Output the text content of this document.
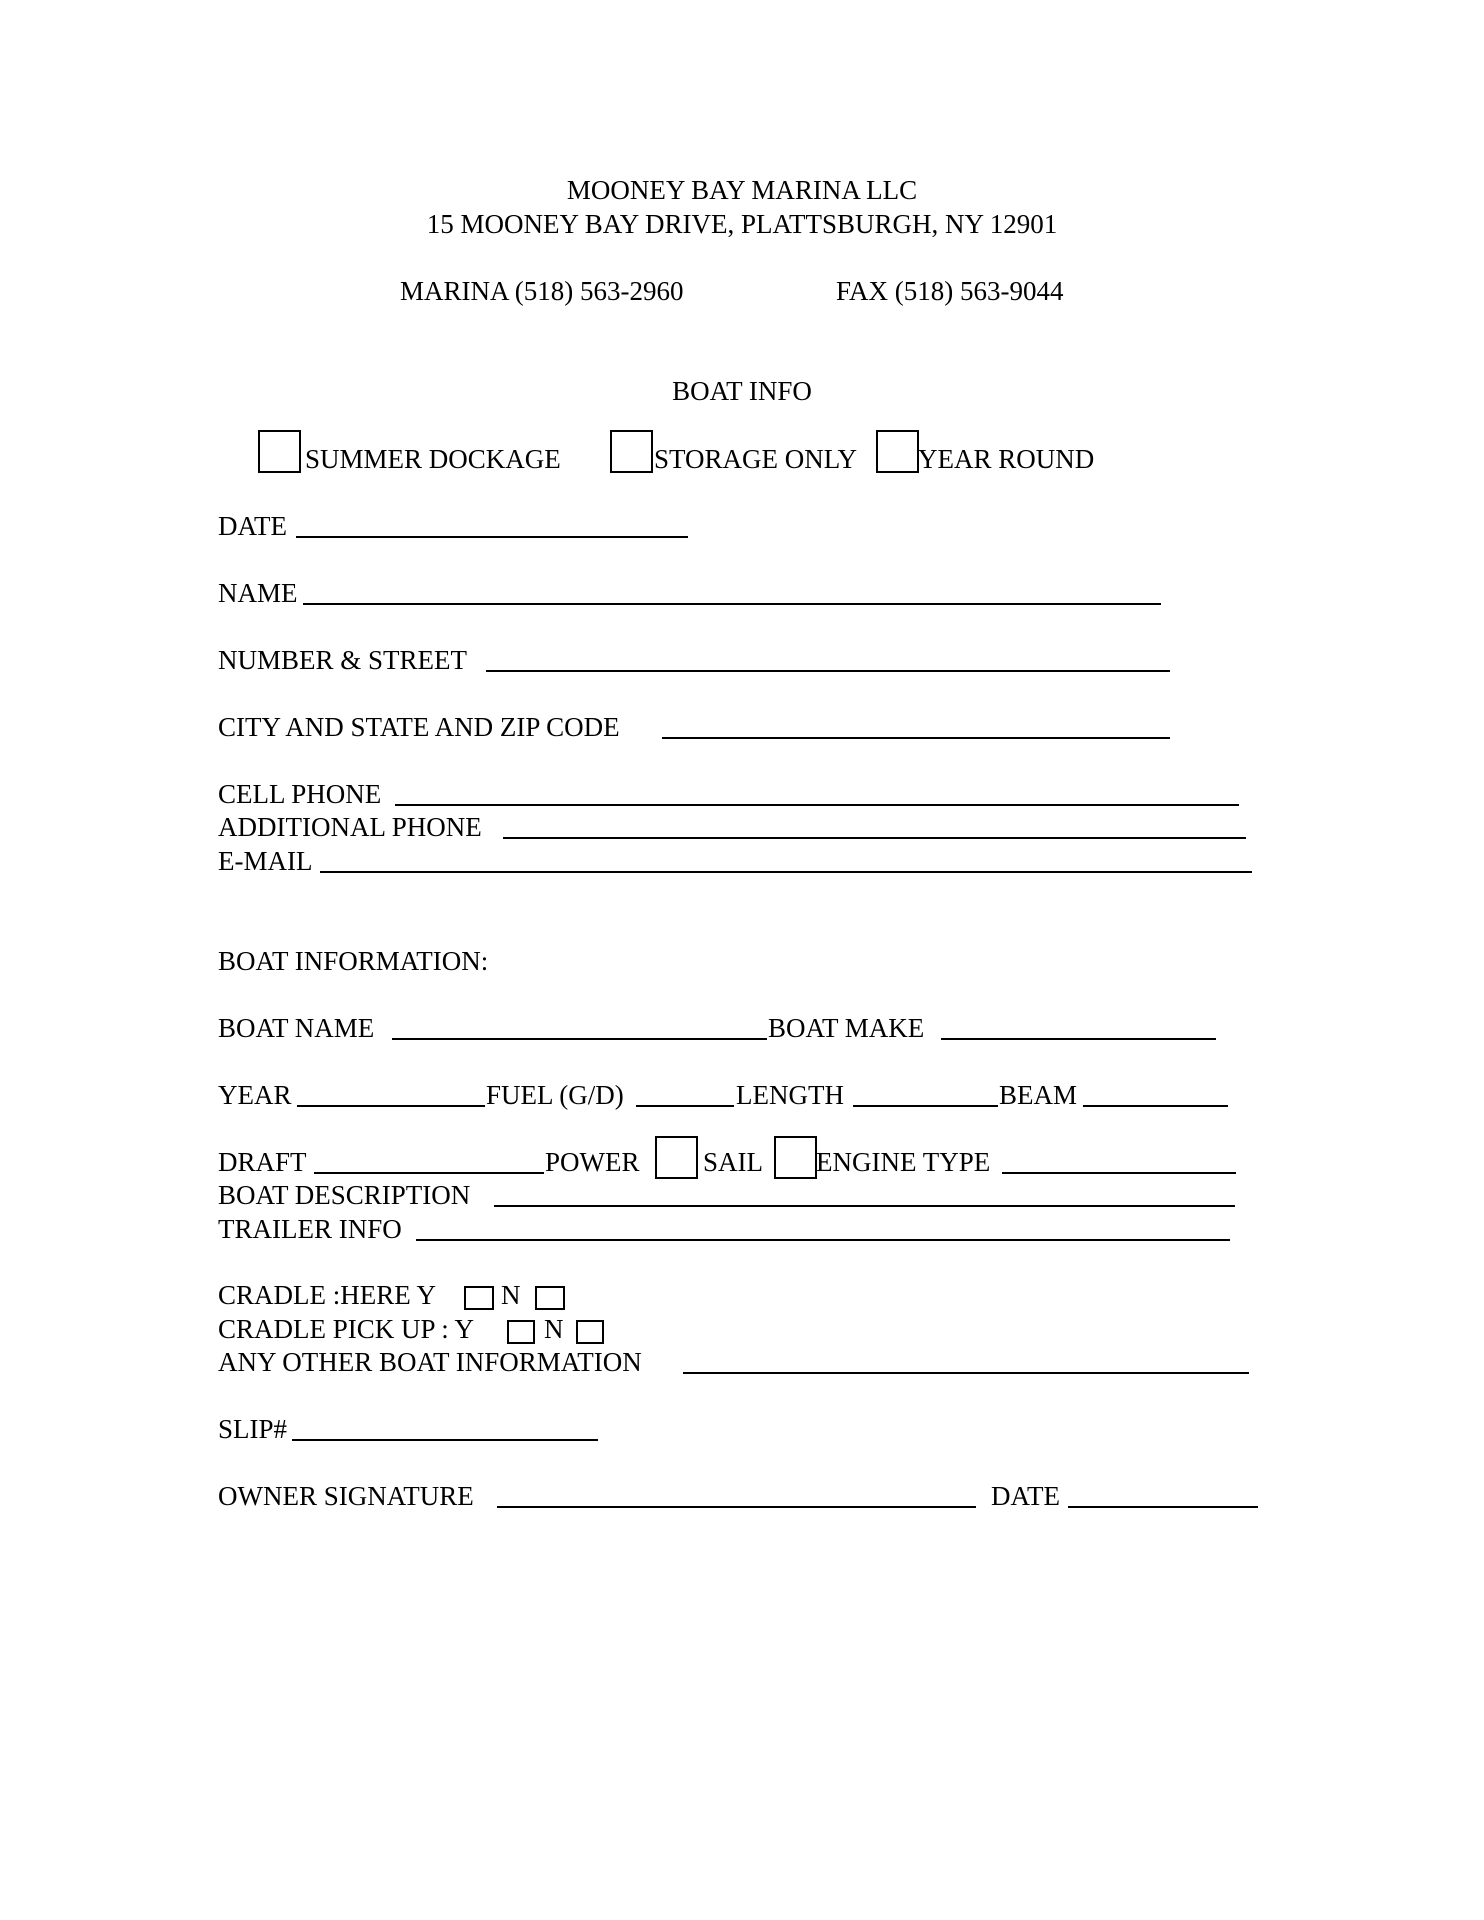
MOONEY BAY MARINA LLC
15 MOONEY BAY DRIVE, PLATTSBURGH, NY 12901
MARINA (518) 563-2960	FAX (518) 563-9044
BOAT INFO
SUMMER DOCKAGE	STORAGE ONLY YEAR ROUND
DATE
NAME
NUMBER & STREET
CITY AND STATE AND ZIP CODE
CELL PHONE
ADDITIONAL PHONE
E-MAIL
BOAT INFORMATION:
BOAT NAME	BOAT MAKE
YEAR	FUEL (G/D)	LENGTH	BEAM
DRAFT	POWER SAIL ENGINE TYPE
BOAT DESCRIPTION
TRAILER INFO
CRADLE :HERE Y N
CRADLE PICK UP : Y	N
ANY OTHER BOAT INFORMATION
SLIP#
OWNER SIGNATURE	DATE
